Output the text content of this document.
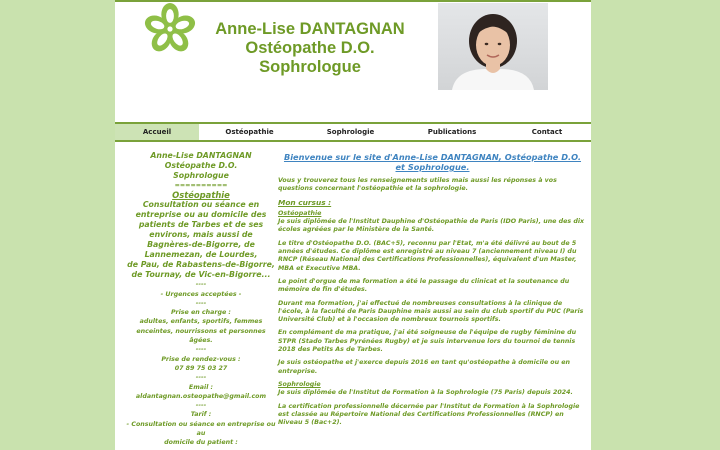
Anne-Lise DANTAGNAN
Ostéopathe D.O.
Sophrologue
Accueil	Ostéopathie	Sophrologie	Publications	Contact
Anne-Lise DANTAGNAN
Ostéopathe D.O.
Sophrologue
==========
Ostéopathie
Consultation ou séance en
entreprise ou au domicile des
patients de Tarbes et de ses
environs, mais aussi de
Bagnères-de-Bigorre, de
Lannemezan, de Lourdes,
de Pau, de Rabastens-de-Bigorre,
de Tournay, de Vic-en-Bigorre...
----
- Urgences acceptées -
----
Prise en charge :
adultes, enfants, sportifs, femmes
enceintes, nourrissons et personnes
âgées.
----
Prise de rendez-vous :
07 89 75 03 27
----
Email :
aldantagnan.osteopathe@gmail.com
----
Tarif :
- Consultation ou séance en entreprise ou au
domicile du patient :
Bienvenue sur le site d'Anne-Lise DANTAGNAN, Ostéopathe D.O. et Sophrologue.

Vous y trouverez tous les renseignements utiles mais aussi les réponses à vos questions concernant l'ostéopathie et la sophrologie.

Mon cursus :
Ostéopathie

Je suis diplômée de l'Institut Dauphine d'Ostéopathie de Paris (IDO Paris), une des dix écoles agréées par le Ministère de la Santé.

Le titre d'Ostéopathe D.O. (BAC+5), reconnu par l'Etat, m'a été délivré au bout de 5 années d'études. Ce diplôme est enregistré au niveau 7 (anciennement niveau I) du RNCP (Réseau National des Certifications Professionnelles), équivalent d'un Master, MBA et Executive MBA.

Le point d'orgue de ma formation a été le passage du clinicat et la soutenance du mémoire de fin d'études.

Durant ma formation, j'ai effectué de nombreuses consultations à la clinique de l'école, à la faculté de Paris Dauphine mais aussi au sein du club sportif du PUC (Paris Université Club) et à l'occasion de nombreux tournois sportifs.

En complément de ma pratique, j'ai été soigneuse de l'équipe de rugby féminine du STPR (Stado Tarbes Pyrénées Rugby) et je suis intervenue lors du tournoi de tennis 2018 des Petits As de Tarbes.

Je suis ostéopathe et j'exerce depuis 2016 en tant qu'ostéopathe à domicile ou en entreprise.

Sophrologie

Je suis diplômée de l'Institut de Formation à la Sophrologie (75 Paris) depuis 2024.

La certification professionnelle décernée par l'Institut de Formation à la Sophrologie est classée au Répertoire National des Certifications Professionnelles (RNCP) en Niveau 5 (Bac+2).
